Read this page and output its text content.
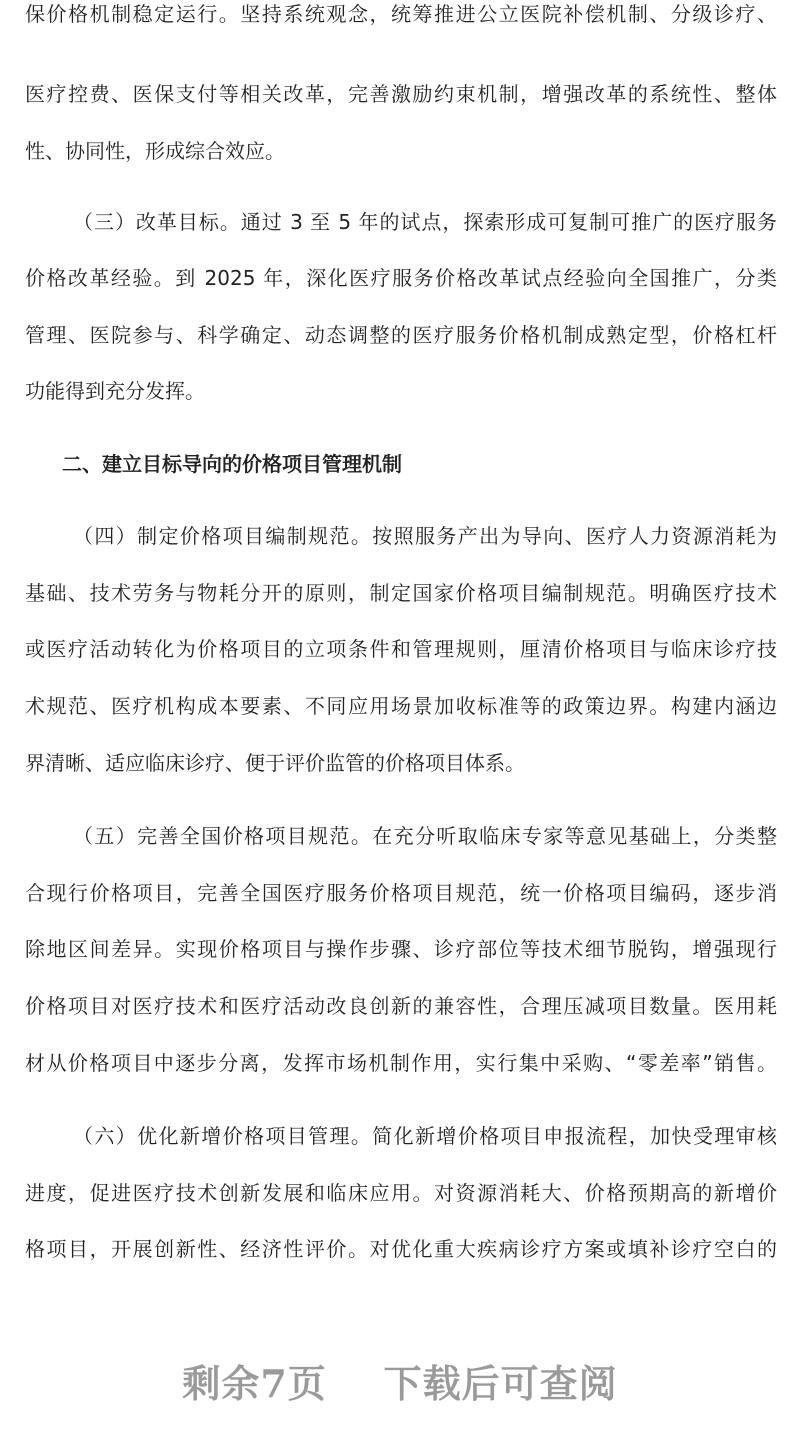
保价格机制稳定运行。坚持系统观念，统筹推进公立医院补偿机制、分级诊疗、
医疗控费、医保支付等相关改革，完善激励约束机制，增强改革的系统性、整体
性、协同性，形成综合效应。
（三）改革目标。通过 3 至 5 年的试点，探索形成可复制可推广的医疗服务
价格改革经验。到 2025 年，深化医疗服务价格改革试点经验向全国推广，分类
管理、医院参与、科学确定、动态调整的医疗服务价格机制成熟定型，价格杠杆
功能得到充分发挥。
二、建立目标导向的价格项目管理机制
（四）制定价格项目编制规范。按照服务产出为导向、医疗人力资源消耗为
基础、技术劳务与物耗分开的原则，制定国家价格项目编制规范。明确医疗技术
或医疗活动转化为价格项目的立项条件和管理规则，厘清价格项目与临床诊疗技
术规范、医疗机构成本要素、不同应用场景加收标准等的政策边界。构建内涵边
界清晰、适应临床诊疗、便于评价监管的价格项目体系。
（五）完善全国价格项目规范。在充分听取临床专家等意见基础上，分类整
合现行价格项目，完善全国医疗服务价格项目规范，统一价格项目编码，逐步消
除地区间差异。实现价格项目与操作步骤、诊疗部位等技术细节脱钩，增强现行
价格项目对医疗技术和医疗活动改良创新的兼容性，合理压减项目数量。医用耗
材从价格项目中逐步分离，发挥市场机制作用，实行集中采购、“零差率”销售。
（六）优化新增价格项目管理。简化新增价格项目申报流程，加快受理审核
进度，促进医疗技术创新发展和临床应用。对资源消耗大、价格预期高的新增价
格项目，开展创新性、经济性评价。对优化重大疾病诊疗方案或填补诊疗空白的
剩余7页    下载后可查阅
